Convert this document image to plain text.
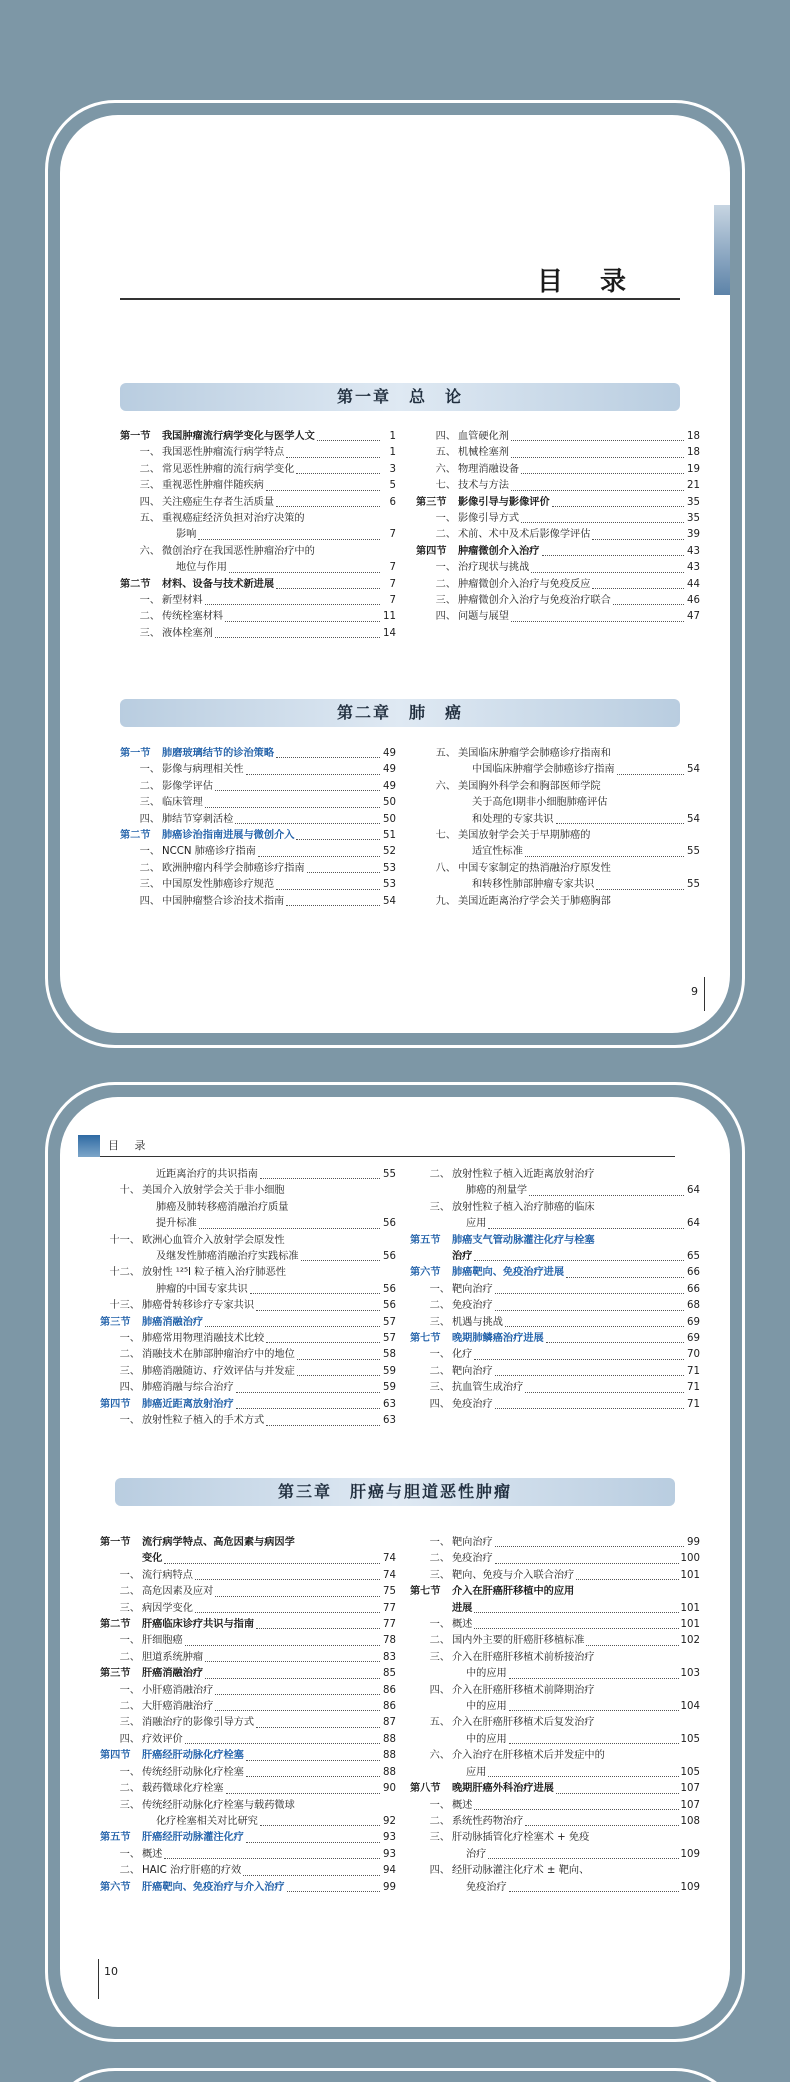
目 录
第一章　总　论
第一节	我国肿瘤流行病学变化与医学人文	1
一、 我国恶性肿瘤流行病学特点	1
二、 常见恶性肿瘤的流行病学变化	3
三、 重视恶性肿瘤伴随疾病	5
四、 关注癌症生存者生活质量	6
五、 重视癌症经济负担对治疗决策的
影响	7
六、 微创治疗在我国恶性肿瘤治疗中的
地位与作用	7
第二节	材料、设备与技术新进展	7
一、 新型材料	7
二、 传统栓塞材料	11
三、 液体栓塞剂	14
四、 血管硬化剂	18
五、 机械栓塞剂	18
六、 物理消融设备	19
七、 技术与方法	21
第三节	影像引导与影像评价	35
一、 影像引导方式	35
二、 术前、术中及术后影像学评估	39
第四节	肿瘤微创介入治疗	43
一、 治疗现状与挑战	43
二、 肿瘤微创介入治疗与免疫反应	44
三、 肿瘤微创介入治疗与免疫治疗联合	46
四、 问题与展望	47
第二章　肺　癌
第一节	肺磨玻璃结节的诊治策略	49
一、 影像与病理相关性	49
二、 影像学评估	49
三、 临床管理	50
四、 肺结节穿刺活检	50
第二节	肺癌诊治指南进展与微创介入	51
一、 NCCN 肺癌诊疗指南	52
二、 欧洲肿瘤内科学会肺癌诊疗指南	53
三、 中国原发性肺癌诊疗规范	53
四、 中国肿瘤整合诊治技术指南	54
五、 美国临床肿瘤学会肺癌诊疗指南和
中国临床肿瘤学会肺癌诊疗指南	54
六、 美国胸外科学会和胸部医师学院
关于高危Ⅰ期非小细胞肺癌评估
和处理的专家共识	54
七、 美国放射学会关于早期肺癌的
适宜性标准	55
八、 中国专家制定的热消融治疗原发性
和转移性肺部肿瘤专家共识	55
九、 美国近距离治疗学会关于肺癌胸部
9
目 录
近距离治疗的共识指南	55
十、 美国介入放射学会关于非小细胞
肺癌及肺转移癌消融治疗质量
提升标准	56
十一、 欧洲心血管介入放射学会原发性
及继发性肺癌消融治疗实践标准	56
十二、 放射性 ¹²⁵I 粒子植入治疗肺恶性
肿瘤的中国专家共识	56
十三、 肺癌骨转移诊疗专家共识	56
第三节	肺癌消融治疗	57
一、 肺癌常用物理消融技术比较	57
二、 消融技术在肺部肿瘤治疗中的地位	58
三、 肺癌消融随访、疗效评估与并发症	59
四、 肺癌消融与综合治疗	59
第四节	肺癌近距离放射治疗	63
一、 放射性粒子植入的手术方式	63
二、 放射性粒子植入近距离放射治疗
肺癌的剂量学	64
三、 放射性粒子植入治疗肺癌的临床
应用	64
第五节	肺癌支气管动脉灌注化疗与栓塞
治疗	65
第六节	肺癌靶向、免疫治疗进展	66
一、 靶向治疗	66
二、 免疫治疗	68
三、 机遇与挑战	69
第七节	晚期肺鳞癌治疗进展	69
一、 化疗	70
二、 靶向治疗	71
三、 抗血管生成治疗	71
四、 免疫治疗	71
第三章　肝癌与胆道恶性肿瘤
第一节	流行病学特点、高危因素与病因学
变化	74
一、 流行病特点	74
二、 高危因素及应对	75
三、 病因学变化	77
第二节	肝癌临床诊疗共识与指南	77
一、 肝细胞癌	78
二、 胆道系统肿瘤	83
第三节	肝癌消融治疗	85
一、 小肝癌消融治疗	86
二、 大肝癌消融治疗	86
三、 消融治疗的影像引导方式	87
四、 疗效评价	88
第四节	肝癌经肝动脉化疗栓塞	88
一、 传统经肝动脉化疗栓塞	88
二、 载药微球化疗栓塞	90
三、 传统经肝动脉化疗栓塞与载药微球
化疗栓塞相关对比研究	92
第五节	肝癌经肝动脉灌注化疗	93
一、 概述	93
二、 HAIC 治疗肝癌的疗效	94
第六节	肝癌靶向、免疫治疗与介入治疗	99
一、 靶向治疗	99
二、 免疫治疗	100
三、 靶向、免疫与介入联合治疗	101
第七节	介入在肝癌肝移植中的应用
进展	101
一、 概述	101
二、 国内外主要的肝癌肝移植标准	102
三、 介入在肝癌肝移植术前桥接治疗
中的应用	103
四、 介入在肝癌肝移植术前降期治疗
中的应用	104
五、 介入在肝癌肝移植术后复发治疗
中的应用	105
六、 介入治疗在肝移植术后并发症中的
应用	105
第八节	晚期肝癌外科治疗进展	107
一、 概述	107
二、 系统性药物治疗	108
三、 肝动脉插管化疗栓塞术 + 免疫
治疗	109
四、 经肝动脉灌注化疗术 ± 靶向、
免疫治疗	109
10
